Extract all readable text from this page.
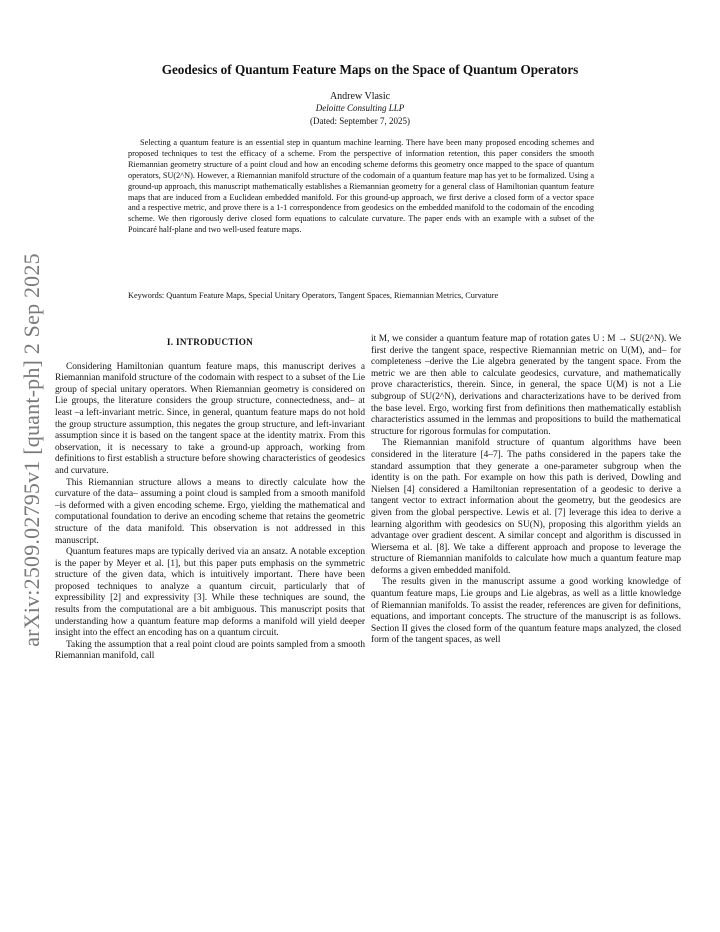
arXiv:2509.02795v1 [quant-ph] 2 Sep 2025
Geodesics of Quantum Feature Maps on the Space of Quantum Operators
Andrew Vlasic
Deloitte Consulting LLP
(Dated: September 7, 2025)

Selecting a quantum feature is an essential step in quantum machine learning. There have been many proposed encoding schemes and proposed techniques to test the efficacy of a scheme. From the perspective of information retention, this paper considers the smooth Riemannian geometry structure of a point cloud and how an encoding scheme deforms this geometry once mapped to the space of quantum operators, SU(2^N). However, a Riemannian manifold structure of the codomain of a quantum feature map has yet to be formalized. Using a ground-up approach, this manuscript mathematically establishes a Riemannian geometry for a general class of Hamiltonian quantum feature maps that are induced from a Euclidean embedded manifold. For this ground-up approach, we first derive a closed form of a vector space and a respective metric, and prove there is a 1-1 correspondence from geodesics on the embedded manifold to the codomain of the encoding scheme. We then rigorously derive closed form equations to calculate curvature. The paper ends with an example with a subset of the Poincaré half-plane and two well-used feature maps.

Keywords: Quantum Feature Maps, Special Unitary Operators, Tangent Spaces, Riemannian Metrics, Curvature

I. INTRODUCTION

Considering Hamiltonian quantum feature maps, this manuscript derives a Riemannian manifold structure of the codomain with respect to a subset of the Lie group of special unitary operators. When Riemannian geometry is considered on Lie groups, the literature considers the group structure, connectedness, and– at least –a left-invariant metric. Since, in general, quantum feature maps do not hold the group structure assumption, this negates the group structure, and left-invariant assumption since it is based on the tangent space at the identity matrix. From this observation, it is necessary to take a ground-up approach, working from definitions to first establish a structure before showing characteristics of geodesics and curvature.

This Riemannian structure allows a means to directly calculate how the curvature of the data– assuming a point cloud is sampled from a smooth manifold –is deformed with a given encoding scheme. Ergo, yielding the mathematical and computational foundation to derive an encoding scheme that retains the geometric structure of the data manifold. This observation is not addressed in this manuscript.

Quantum features maps are typically derived via an ansatz. A notable exception is the paper by Meyer et al. [1], but this paper puts emphasis on the symmetric structure of the given data, which is intuitively important. There have been proposed techniques to analyze a quantum circuit, particularly that of expressibility [2] and expressivity [3]. While these techniques are sound, the results from the computational are a bit ambiguous. This manuscript posits that understanding how a quantum feature map deforms a manifold will yield deeper insight into the effect an encoding has on a quantum circuit.

Taking the assumption that a real point cloud are points sampled from a smooth Riemannian manifold, call

it M, we consider a quantum feature map of rotation gates U : M → SU(2^N). We first derive the tangent space, respective Riemannian metric on U(M), and– for completeness –derive the Lie algebra generated by the tangent space. From the metric we are then able to calculate geodesics, curvature, and mathematically prove characteristics, therein. Since, in general, the space U(M) is not a Lie subgroup of SU(2^N), derivations and characterizations have to be derived from the base level. Ergo, working first from definitions then mathematically establish characteristics assumed in the lemmas and propositions to build the mathematical structure for rigorous formulas for computation.

The Riemannian manifold structure of quantum algorithms have been considered in the literature [4–7]. The paths considered in the papers take the standard assumption that they generate a one-parameter subgroup when the identity is on the path. For example on how this path is derived, Dowling and Nielsen [4] considered a Hamiltonian representation of a geodesic to derive a tangent vector to extract information about the geometry, but the geodesics are given from the global perspective. Lewis et al. [7] leverage this idea to derive a learning algorithm with geodesics on SU(N), proposing this algorithm yields an advantage over gradient descent. A similar concept and algorithm is discussed in Wiersema et al. [8]. We take a different approach and propose to leverage the structure of Riemannian manifolds to calculate how much a quantum feature map deforms a given embedded manifold.

The results given in the manuscript assume a good working knowledge of quantum feature maps, Lie groups and Lie algebras, as well as a little knowledge of Riemannian manifolds. To assist the reader, references are given for definitions, equations, and important concepts. The structure of the manuscript is as follows. Section II gives the closed form of the quantum feature maps analyzed, the closed form of the tangent spaces, as well
